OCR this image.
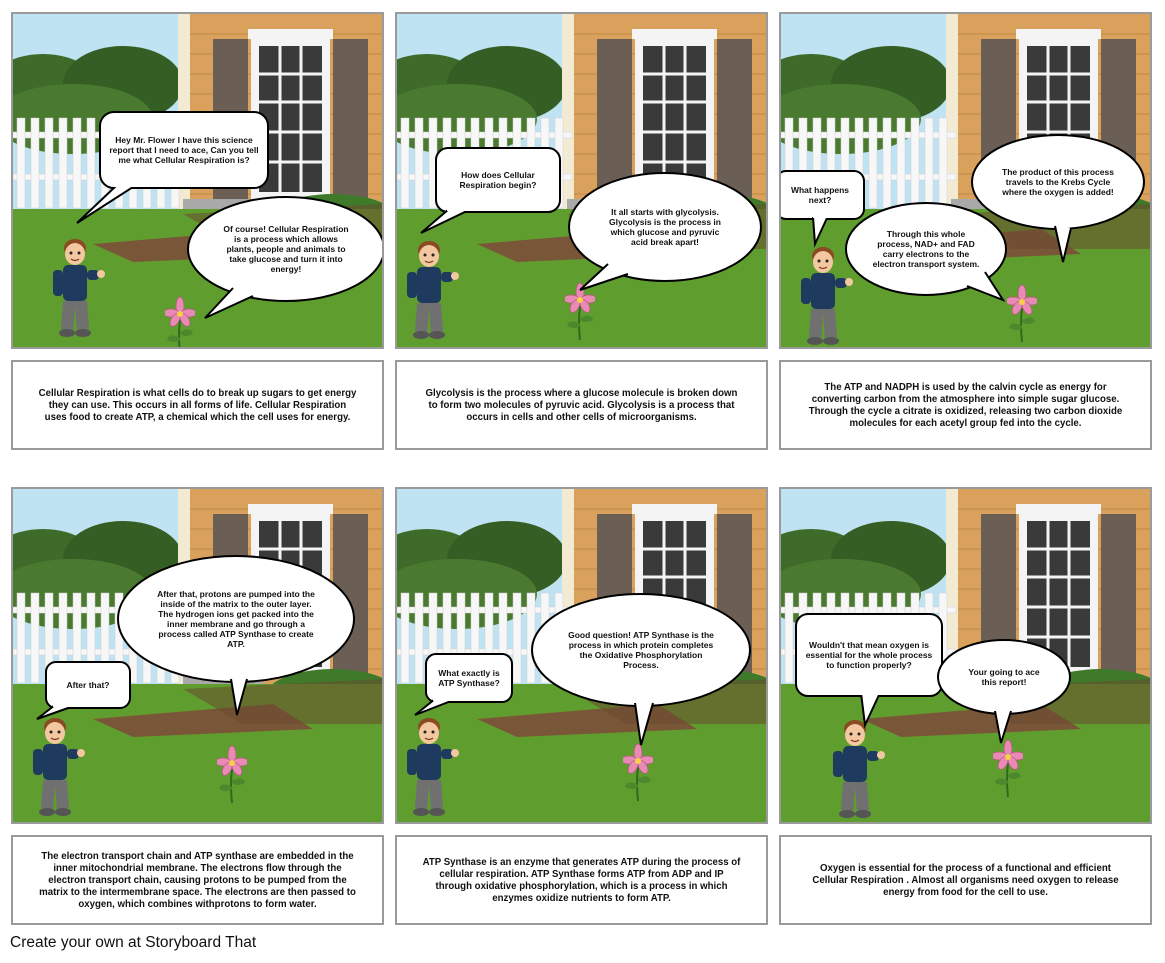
Hey Mr. Flower I have this science report that I need to ace, Can you tell me what Cellular Respiration is?
Of course! Cellular Respiration is a process which allows plants, people and animals to take glucose and turn it into energy!
Cellular Respiration is what cells do to break up sugars to get energy they can use. This occurs in all forms of life. Cellular Respiration uses food to create ATP, a chemical which the cell uses for energy.
How does Cellular Respiration begin?
It all starts with glycolysis. Glycolysis is the process in which glucose and pyruvic acid break apart!
Glycolysis is the process where a glucose molecule is broken down to form two molecules of pyruvic acid. Glycolysis is a process that occurs in cells and other cells of microorganisms.
What happens next?
Through this whole process, NAD+ and FAD carry electrons to the electron transport system.
The product of this process travels to the Krebs Cycle where the oxygen is added!
The ATP and NADPH is used by the calvin cycle as energy for converting carbon from the atmosphere into simple sugar glucose. Through the cycle a citrate is oxidized, releasing two carbon dioxide molecules for each acetyl group fed into the cycle.
After that?
After that, protons are pumped into the inside of the matrix to the outer layer. The hydrogen ions get packed into the inner membrane and go through a process called ATP Synthase to create ATP.
The electron transport chain and ATP synthase are embedded in the inner mitochondrial membrane. The electrons flow through the electron transport chain, causing protons to be pumped from the matrix to the intermembrane space. The electrons are then passed to oxygen, which combines withprotons to form water.
What exactly is ATP Synthase?
Good question! ATP Synthase is the process in which protein completes the Oxidative Phosphorylation Process.
ATP Synthase is an enzyme that generates ATP during the process of cellular respiration. ATP Synthase forms ATP from ADP and IP through oxidative phosphorylation, which is a process in which enzymes oxidize nutrients to form ATP.
Wouldn't that mean oxygen is essential for the whole process to function properly?
Your going to ace this report!
Oxygen is essential for the process of a functional and efficient Cellular Respiration . Almost all organisms need oxygen to release energy from food for the cell to use.
Create your own at Storyboard That
